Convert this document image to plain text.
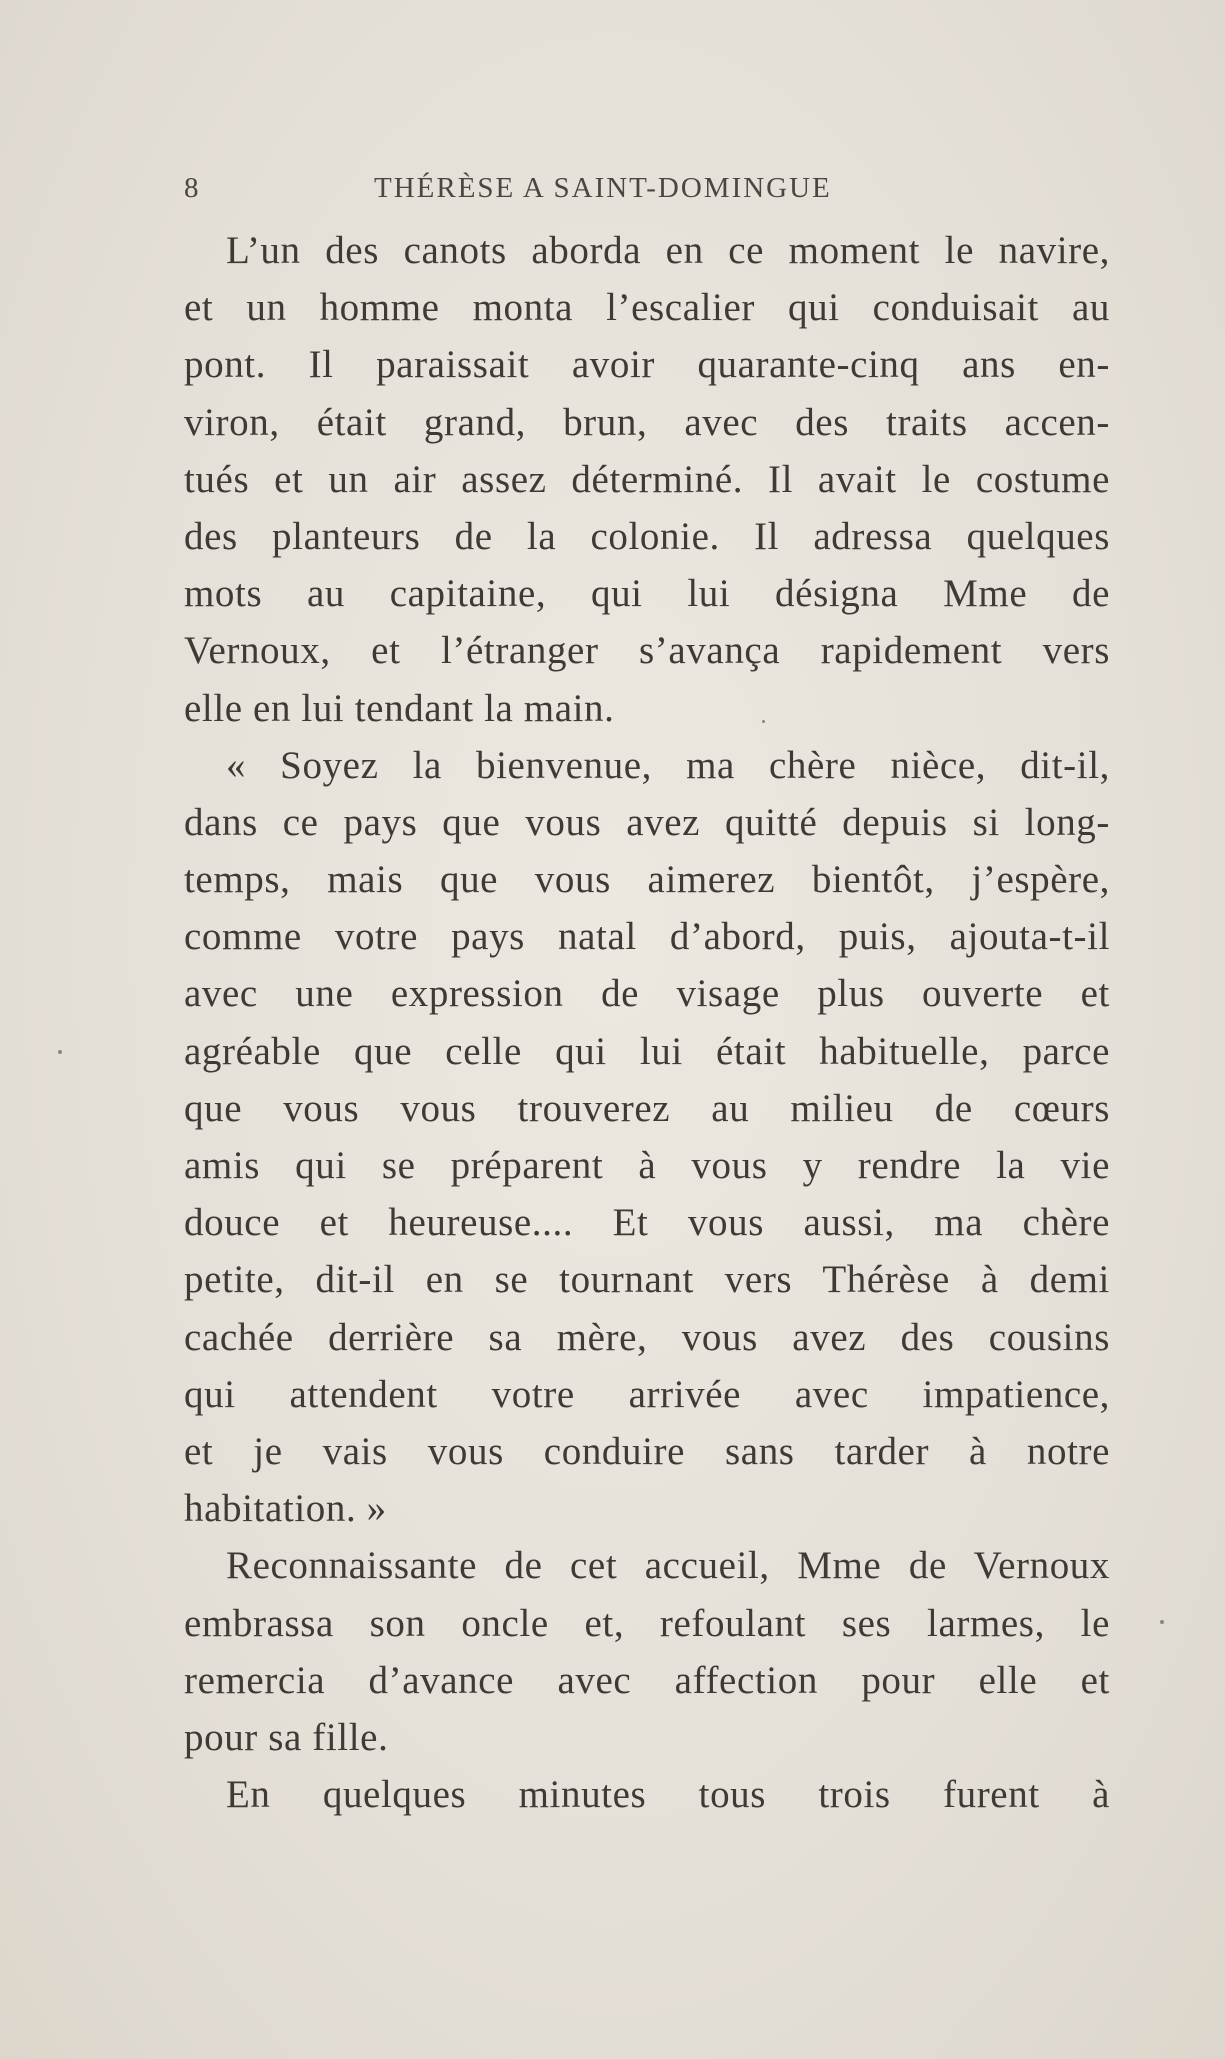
8	THÉRÈSE A SAINT-DOMINGUE
L’un des canots aborda en ce moment le navire,
et un homme monta l’escalier qui conduisait au
pont. Il paraissait avoir quarante-cinq ans en-
viron, était grand, brun, avec des traits accen-
tués et un air assez déterminé. Il avait le costume
des planteurs de la colonie. Il adressa quelques
mots au capitaine, qui lui désigna Mme de
Vernoux, et l’étranger s’avança rapidement vers
elle en lui tendant la main.
« Soyez la bienvenue, ma chère nièce, dit-il,
dans ce pays que vous avez quitté depuis si long-
temps, mais que vous aimerez bientôt, j’espère,
comme votre pays natal d’abord, puis, ajouta-t-il
avec une expression de visage plus ouverte et
agréable que celle qui lui était habituelle, parce
que vous vous trouverez au milieu de cœurs
amis qui se préparent à vous y rendre la vie
douce et heureuse.... Et vous aussi, ma chère
petite, dit-il en se tournant vers Thérèse à demi
cachée derrière sa mère, vous avez des cousins
qui attendent votre arrivée avec impatience,
et je vais vous conduire sans tarder à notre
habitation. »
Reconnaissante de cet accueil, Mme de Vernoux
embrassa son oncle et, refoulant ses larmes, le
remercia d’avance avec affection pour elle et
pour sa fille.
En quelques minutes tous trois furent à
